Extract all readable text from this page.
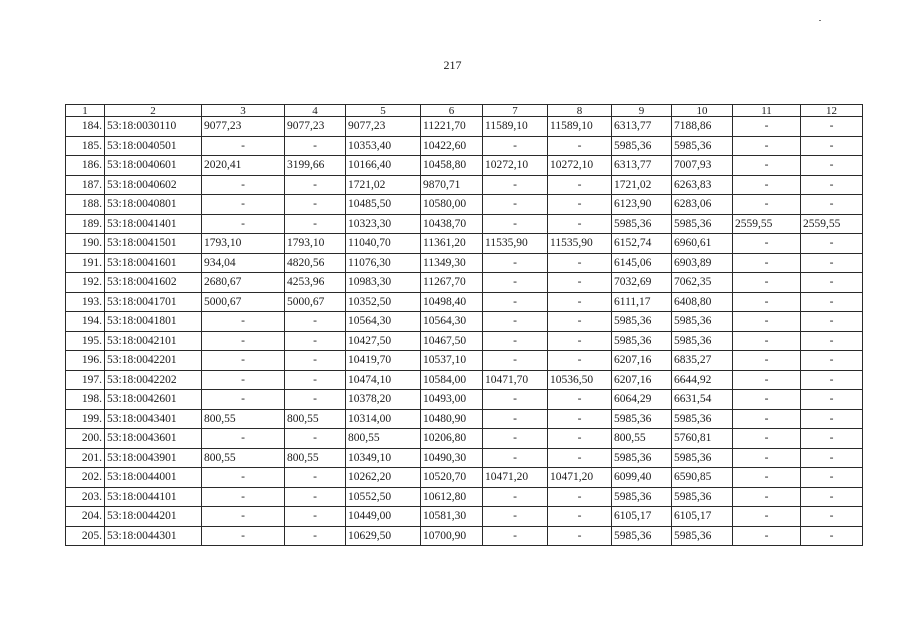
217
1	2	3	4	5	6	7	8	9	10	11	12
184.	53:18:0030110	9077,23	9077,23	9077,23	11221,70	11589,10	11589,10	6313,77	7188,86	-	-
185.	53:18:0040501	-	-	10353,40	10422,60	-	-	5985,36	5985,36	-	-
186.	53:18:0040601	2020,41	3199,66	10166,40	10458,80	10272,10	10272,10	6313,77	7007,93	-	-
187.	53:18:0040602	-	-	1721,02	9870,71	-	-	1721,02	6263,83	-	-
188.	53:18:0040801	-	-	10485,50	10580,00	-	-	6123,90	6283,06	-	-
189.	53:18:0041401	-	-	10323,30	10438,70	-	-	5985,36	5985,36	2559,55	2559,55
190.	53:18:0041501	1793,10	1793,10	11040,70	11361,20	11535,90	11535,90	6152,74	6960,61	-	-
191.	53:18:0041601	934,04	4820,56	11076,30	11349,30	-	-	6145,06	6903,89	-	-
192.	53:18:0041602	2680,67	4253,96	10983,30	11267,70	-	-	7032,69	7062,35	-	-
193.	53:18:0041701	5000,67	5000,67	10352,50	10498,40	-	-	6111,17	6408,80	-	-
194.	53:18:0041801	-	-	10564,30	10564,30	-	-	5985,36	5985,36	-	-
195.	53:18:0042101	-	-	10427,50	10467,50	-	-	5985,36	5985,36	-	-
196.	53:18:0042201	-	-	10419,70	10537,10	-	-	6207,16	6835,27	-	-
197.	53:18:0042202	-	-	10474,10	10584,00	10471,70	10536,50	6207,16	6644,92	-	-
198.	53:18:0042601	-	-	10378,20	10493,00	-	-	6064,29	6631,54	-	-
199.	53:18:0043401	800,55	800,55	10314,00	10480,90	-	-	5985,36	5985,36	-	-
200.	53:18:0043601	-	-	800,55	10206,80	-	-	800,55	5760,81	-	-
201.	53:18:0043901	800,55	800,55	10349,10	10490,30	-	-	5985,36	5985,36	-	-
202.	53:18:0044001	-	-	10262,20	10520,70	10471,20	10471,20	6099,40	6590,85	-	-
203.	53:18:0044101	-	-	10552,50	10612,80	-	-	5985,36	5985,36	-	-
204.	53:18:0044201	-	-	10449,00	10581,30	-	-	6105,17	6105,17	-	-
205.	53:18:0044301	-	-	10629,50	10700,90	-	-	5985,36	5985,36	-	-
